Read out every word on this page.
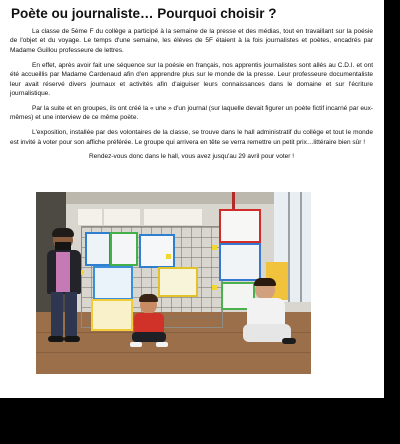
Poète ou journaliste… Pourquoi choisir ?

La classe de 5ème F du collège a participé à la semaine de la presse et des médias, tout en travaillant sur la poésie de l'objet et du voyage. Le temps d'une semaine, les élèves de 5F étaient à la fois journalistes et poètes, encadrés par Madame Guillou professeure de lettres.

En effet, après avoir fait une séquence sur la poésie en français, nos apprentis journalistes sont allés au C.D.I. et ont été accueillis par Madame Cardenaud afin d'en apprendre plus sur le monde de la presse. Leur professeure documentaliste leur avait réservé divers journaux et activités afin d'aiguiser leurs connaissances dans le domaine et sur l'écriture journalistique.

Par la suite et en groupes, ils ont créé la « une » d'un journal (sur laquelle devait figurer un poète fictif incarné par eux-mêmes) et une interview de ce même poète.

L'exposition, installée par des volontaires de la classe, se trouve dans le hall administratif du collège et tout le monde est invité à voter pour son affiche préférée. Le groupe qui arrivera en tête se verra remettre un petit prix…littéraire bien sûr !

Rendez-vous donc dans le hall, vous avez jusqu'au 29 avril pour voter !
